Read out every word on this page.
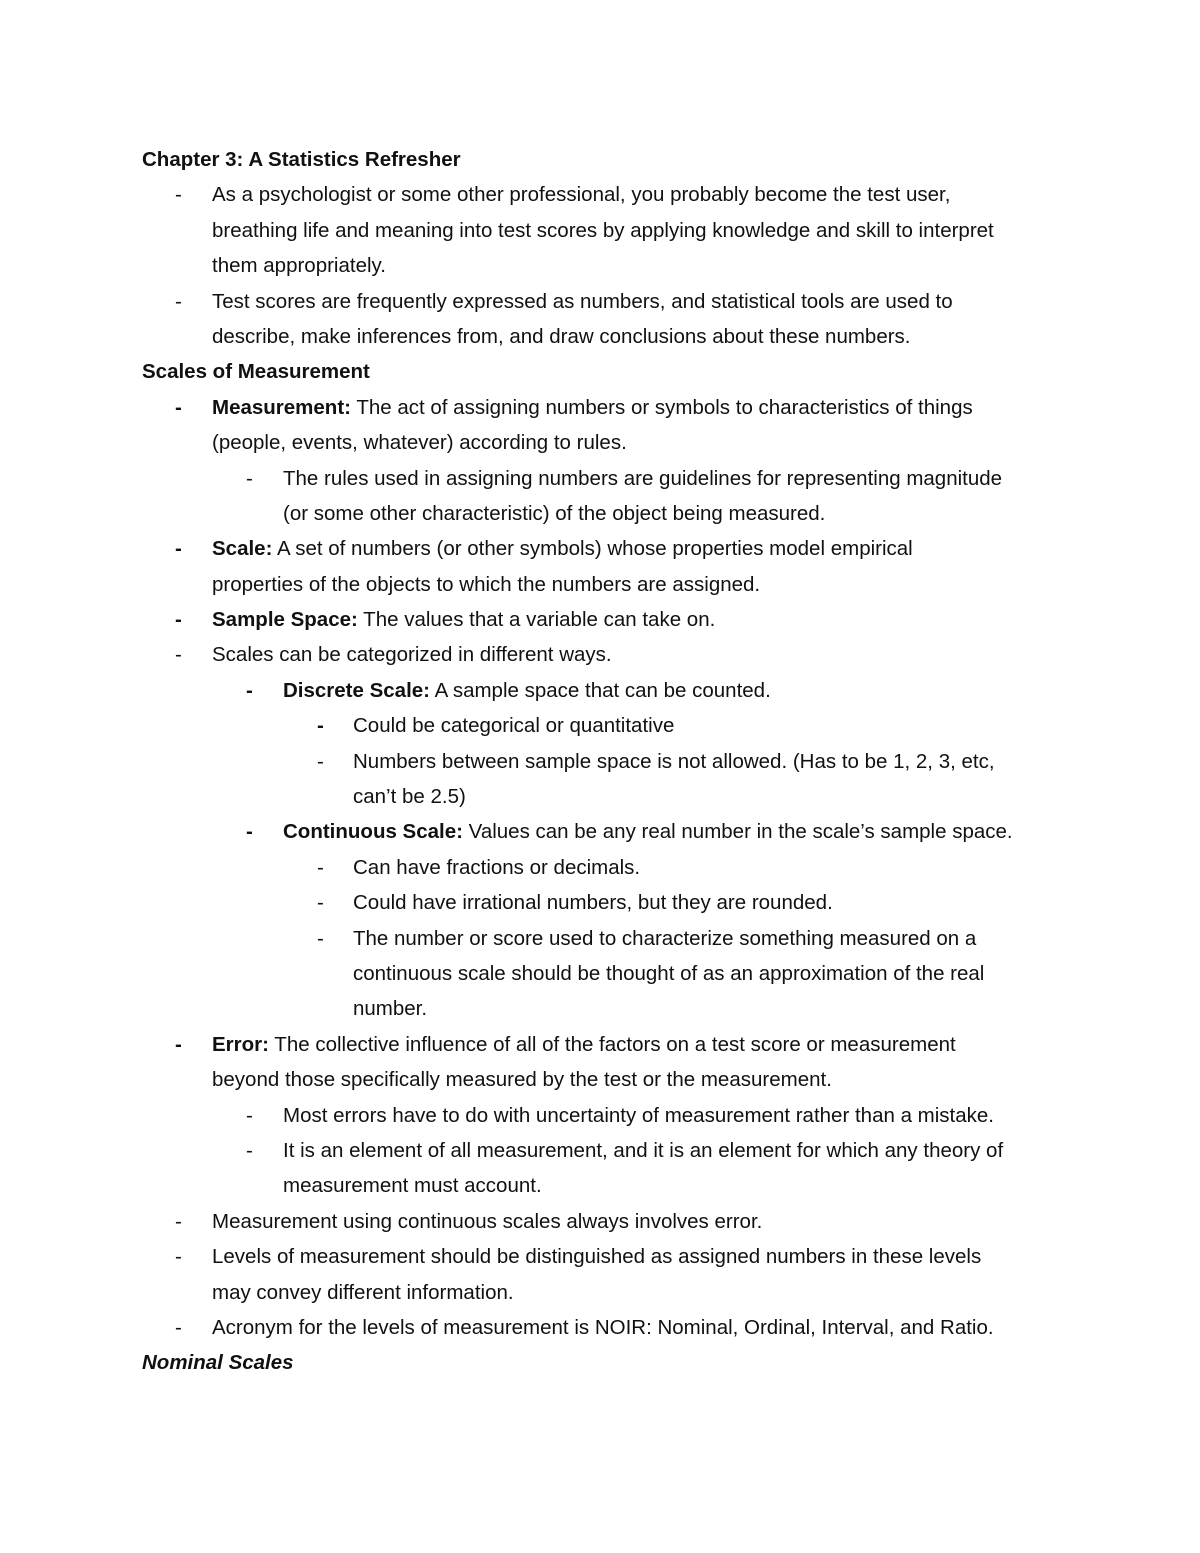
Chapter 3: A Statistics Refresher
- As a psychologist or some other professional, you probably become the test user,
breathing life and meaning into test scores by applying knowledge and skill to interpret
them appropriately.
- Test scores are frequently expressed as numbers, and statistical tools are used to
describe, make inferences from, and draw conclusions about these numbers.
Scales of Measurement
- Measurement: The act of assigning numbers or symbols to characteristics of things
(people, events, whatever) according to rules.
- The rules used in assigning numbers are guidelines for representing magnitude
(or some other characteristic) of the object being measured.
- Scale: A set of numbers (or other symbols) whose properties model empirical
properties of the objects to which the numbers are assigned.
- Sample Space: The values that a variable can take on.
- Scales can be categorized in different ways.
- Discrete Scale: A sample space that can be counted.
- Could be categorical or quantitative
- Numbers between sample space is not allowed. (Has to be 1, 2, 3, etc,
can’t be 2.5)
- Continuous Scale: Values can be any real number in the scale’s sample space.
- Can have fractions or decimals.
- Could have irrational numbers, but they are rounded.
- The number or score used to characterize something measured on a
continuous scale should be thought of as an approximation of the real
number.
- Error: The collective influence of all of the factors on a test score or measurement
beyond those specifically measured by the test or the measurement.
- Most errors have to do with uncertainty of measurement rather than a mistake.
- It is an element of all measurement, and it is an element for which any theory of
measurement must account.
- Measurement using continuous scales always involves error.
- Levels of measurement should be distinguished as assigned numbers in these levels
may convey different information.
- Acronym for the levels of measurement is NOIR: Nominal, Ordinal, Interval, and Ratio.
Nominal Scales
